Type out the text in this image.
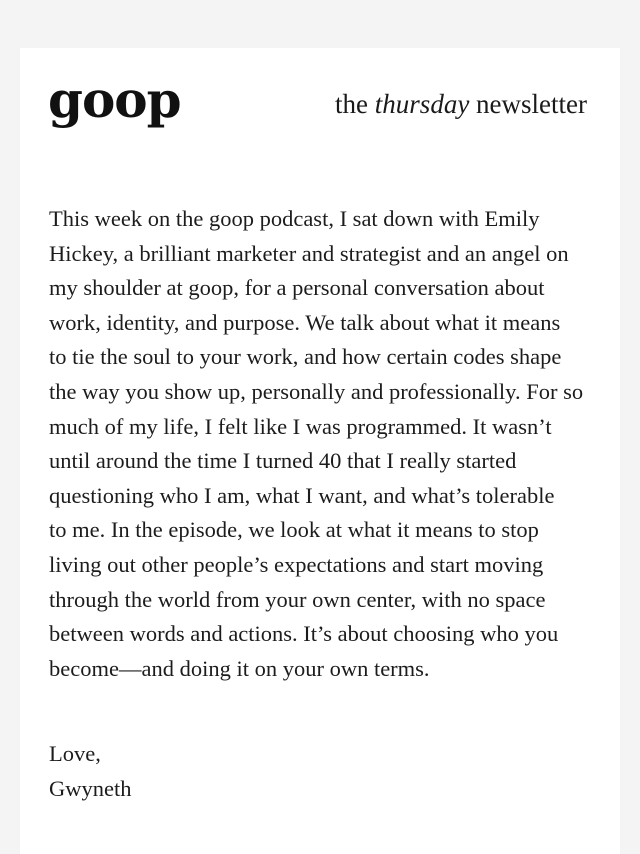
goop	the thursday newsletter

This week on the goop podcast, I sat down with Emily
Hickey, a brilliant marketer and strategist and an angel on
my shoulder at goop, for a personal conversation about
work, identity, and purpose. We talk about what it means
to tie the soul to your work, and how certain codes shape
the way you show up, personally and professionally. For so
much of my life, I felt like I was programmed. It wasn’t
until around the time I turned 40 that I really started
questioning who I am, what I want, and what’s tolerable
to me. In the episode, we look at what it means to stop
living out other people’s expectations and start moving
through the world from your own center, with no space
between words and actions. It’s about choosing who you
become—and doing it on your own terms.

Love,
Gwyneth
